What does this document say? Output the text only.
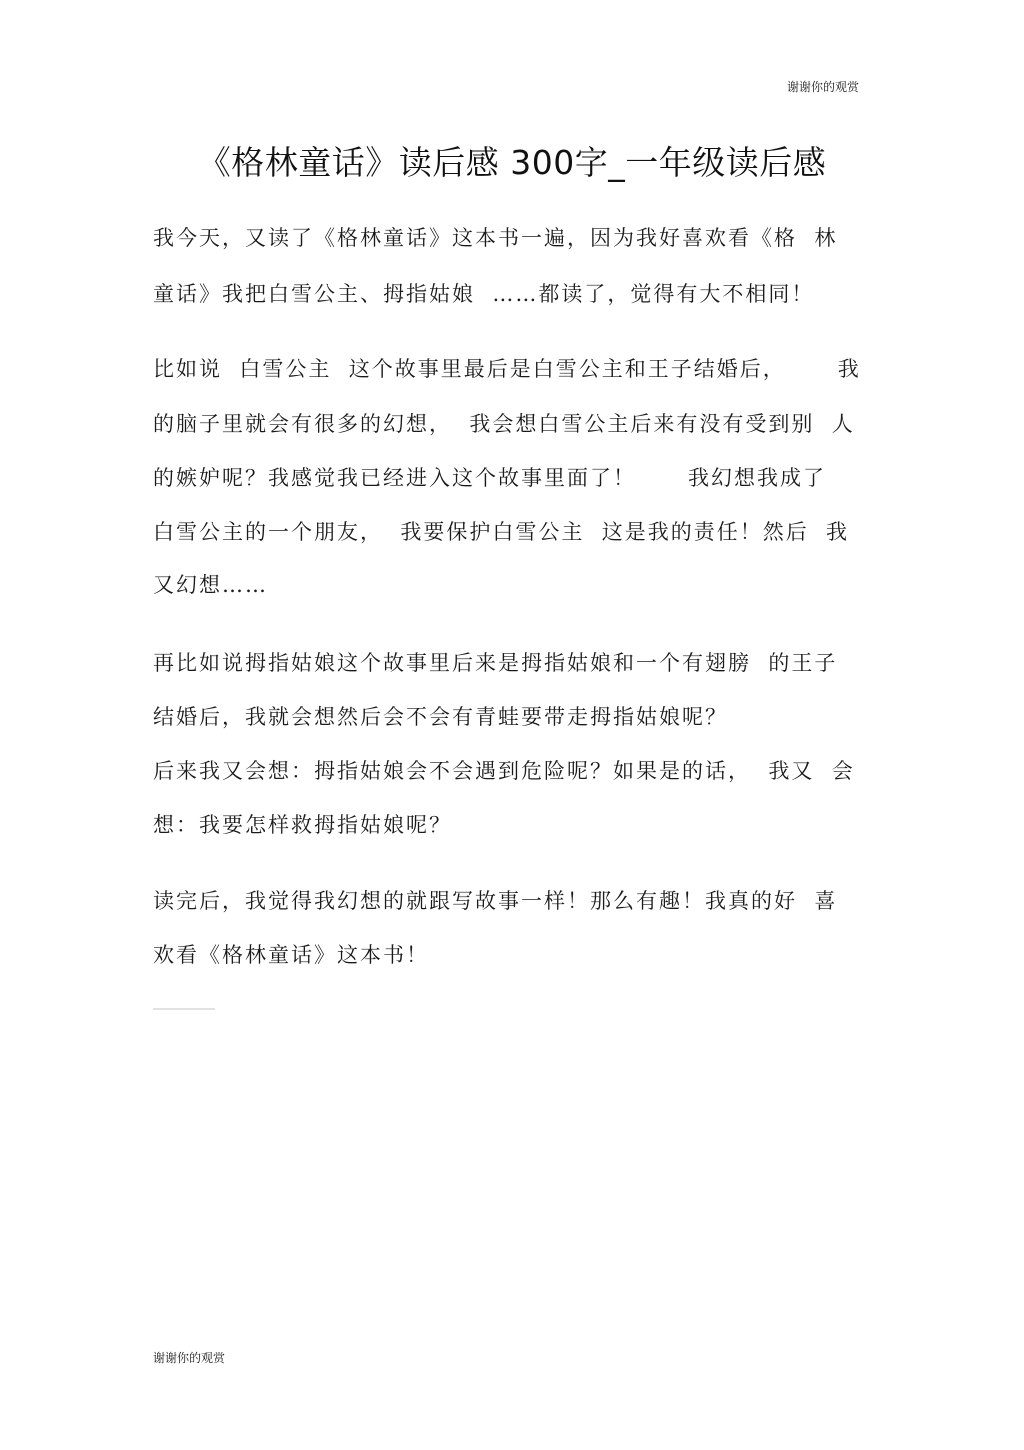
谢谢你的观赏
《格林童话》读后感 300字_一年级读后感
我今天，又读了《格林童话》这本书一遍，因为我好喜欢看《格  林
童话》我把白雪公主、拇指姑娘  ……都读了，觉得有大不相同！
比如说  白雪公主  这个故事里最后是白雪公主和王子结婚后，      我
的脑子里就会有很多的幻想，  我会想白雪公主后来有没有受到别  人
的嫉妒呢？我感觉我已经进入这个故事里面了！      我幻想我成了
白雪公主的一个朋友，  我要保护白雪公主  这是我的责任！然后  我
又幻想……
再比如说拇指姑娘这个故事里后来是拇指姑娘和一个有翅膀  的王子
结婚后，我就会想然后会不会有青蛙要带走拇指姑娘呢？
后来我又会想：拇指姑娘会不会遇到危险呢？如果是的话，  我又  会
想：我要怎样救拇指姑娘呢？
读完后，我觉得我幻想的就跟写故事一样！那么有趣！我真的好  喜
欢看《格林童话》这本书！
谢谢你的观赏
